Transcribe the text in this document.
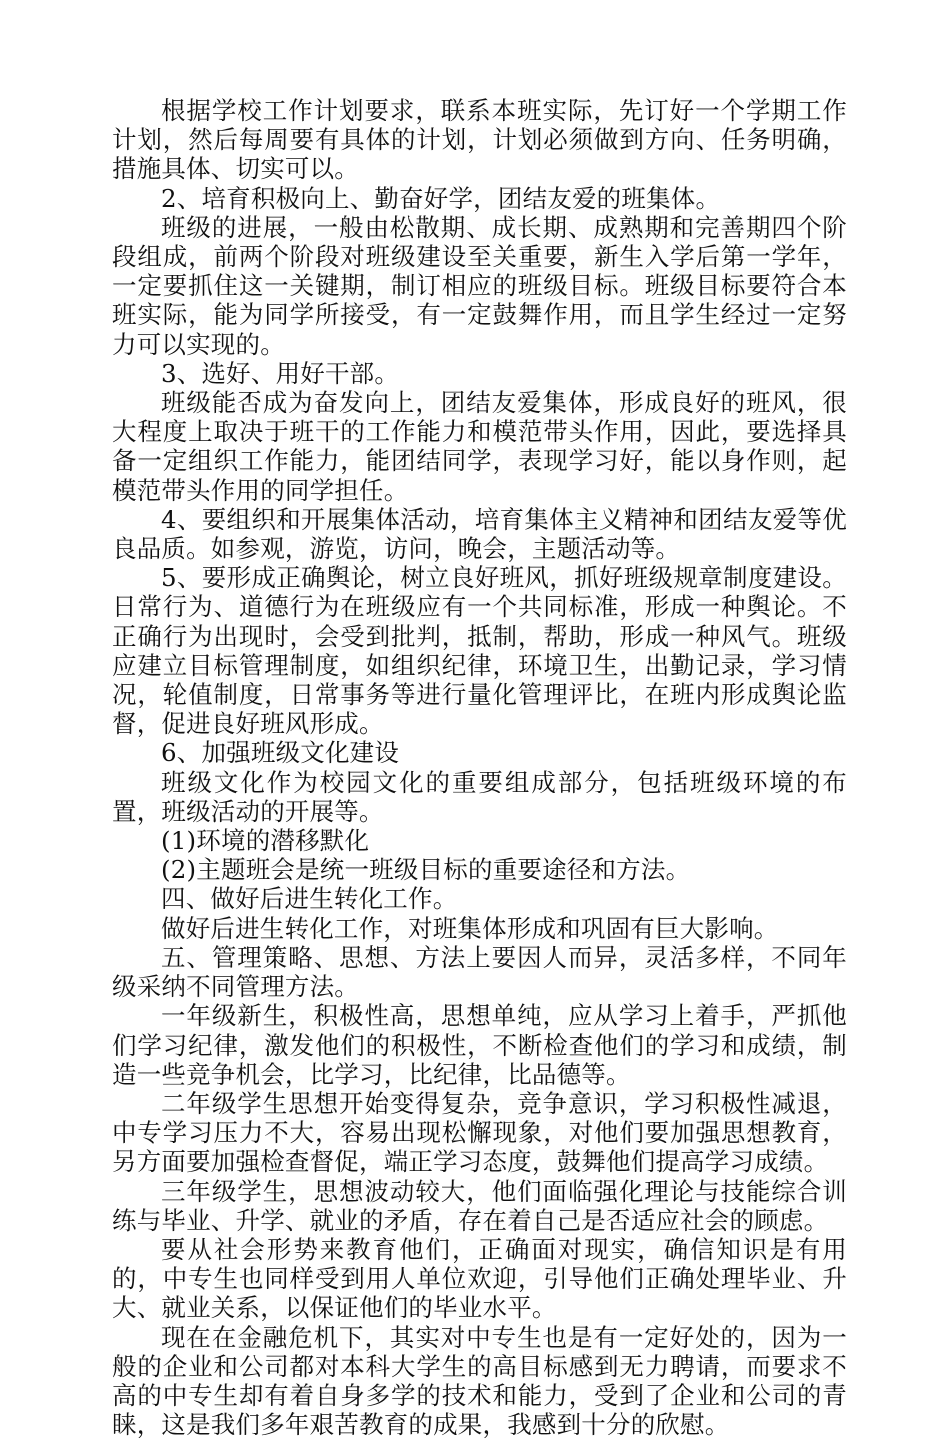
根据学校工作计划要求，联系本班实际，先订好一个学期工作计划，然后每周要有具体的计划，计划必须做到方向、任务明确，措施具体、切实可以。

2、培育积极向上、勤奋好学，团结友爱的班集体。

班级的进展，一般由松散期、成长期、成熟期和完善期四个阶段组成，前两个阶段对班级建设至关重要，新生入学后第一学年，一定要抓住这一关键期，制订相应的班级目标。班级目标要符合本班实际，能为同学所接受，有一定鼓舞作用，而且学生经过一定努力可以实现的。

3、选好、用好干部。

班级能否成为奋发向上，团结友爱集体，形成良好的班风，很大程度上取决于班干的工作能力和模范带头作用，因此，要选择具备一定组织工作能力，能团结同学，表现学习好，能以身作则，起模范带头作用的同学担任。

4、要组织和开展集体活动，培育集体主义精神和团结友爱等优良品质。如参观，游览，访问，晚会，主题活动等。

5、要形成正确舆论，树立良好班风，抓好班级规章制度建设。日常行为、道德行为在班级应有一个共同标准，形成一种舆论。不正确行为出现时，会受到批判，抵制，帮助，形成一种风气。班级应建立目标管理制度，如组织纪律，环境卫生，出勤记录，学习情况，轮值制度，日常事务等进行量化管理评比，在班内形成舆论监督，促进良好班风形成。

6、加强班级文化建设

班级文化作为校园文化的重要组成部分，包括班级环境的布置，班级活动的开展等。

(1)环境的潜移默化

(2)主题班会是统一班级目标的重要途径和方法。

四、做好后进生转化工作。

做好后进生转化工作，对班集体形成和巩固有巨大影响。

五、管理策略、思想、方法上要因人而异，灵活多样，不同年级采纳不同管理方法。

一年级新生，积极性高，思想单纯，应从学习上着手，严抓他们学习纪律，激发他们的积极性，不断检查他们的学习和成绩，制造一些竞争机会，比学习，比纪律，比品德等。

二年级学生思想开始变得复杂，竞争意识，学习积极性减退，中专学习压力不大，容易出现松懈现象，对他们要加强思想教育，另方面要加强检查督促，端正学习态度，鼓舞他们提高学习成绩。

三年级学生，思想波动较大，他们面临强化理论与技能综合训练与毕业、升学、就业的矛盾，存在着自己是否适应社会的顾虑。

要从社会形势来教育他们，正确面对现实，确信知识是有用的，中专生也同样受到用人单位欢迎，引导他们正确处理毕业、升大、就业关系，以保证他们的毕业水平。

现在在金融危机下，其实对中专生也是有一定好处的，因为一般的企业和公司都对本科大学生的高目标感到无力聘请，而要求不高的中专生却有着自身多学的技术和能力，受到了企业和公司的青睐，这是我们多年艰苦教育的成果，我感到十分的欣慰。
